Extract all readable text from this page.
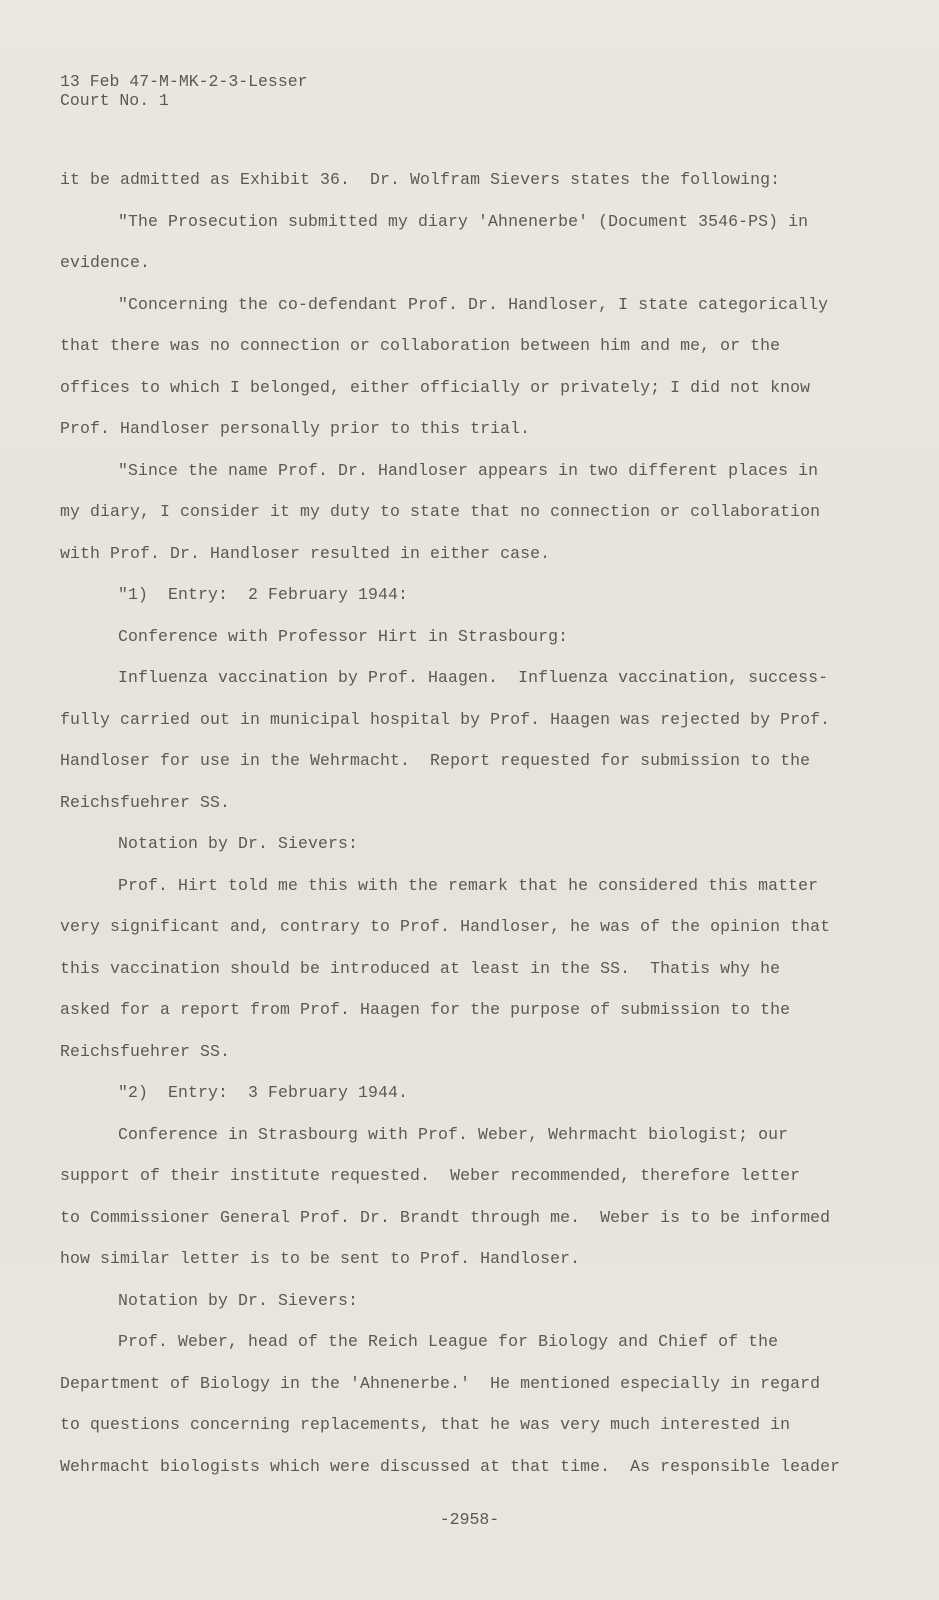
13 Feb 47-M-MK-2-3-Lesser
Court No. 1
it be admitted as Exhibit 36.  Dr. Wolfram Sievers states the following:
"The Prosecution submitted my diary 'Ahnenerbe' (Document 3546-PS) in
evidence.
"Concerning the co-defendant Prof. Dr. Handloser, I state categorically
that there was no connection or collaboration between him and me, or the
offices to which I belonged, either officially or privately; I did not know
Prof. Handloser personally prior to this trial.
"Since the name Prof. Dr. Handloser appears in two different places in
my diary, I consider it my duty to state that no connection or collaboration
with Prof. Dr. Handloser resulted in either case.
"1)  Entry:  2 February 1944:
Conference with Professor Hirt in Strasbourg:
Influenza vaccination by Prof. Haagen.  Influenza vaccination, success-
fully carried out in municipal hospital by Prof. Haagen was rejected by Prof.
Handloser for use in the Wehrmacht.  Report requested for submission to the
Reichsfuehrer SS.
Notation by Dr. Sievers:
Prof. Hirt told me this with the remark that he considered this matter
very significant and, contrary to Prof. Handloser, he was of the opinion that
this vaccination should be introduced at least in the SS.  Thatis why he
asked for a report from Prof. Haagen for the purpose of submission to the
Reichsfuehrer SS.
"2)  Entry:  3 February 1944.
Conference in Strasbourg with Prof. Weber, Wehrmacht biologist; our
support of their institute requested.  Weber recommended, therefore letter
to Commissioner General Prof. Dr. Brandt through me.  Weber is to be informed
how similar letter is to be sent to Prof. Handloser.
Notation by Dr. Sievers:
Prof. Weber, head of the Reich League for Biology and Chief of the
Department of Biology in the 'Ahnenerbe.'  He mentioned especially in regard
to questions concerning replacements, that he was very much interested in
Wehrmacht biologists which were discussed at that time.  As responsible leader
-2958-
